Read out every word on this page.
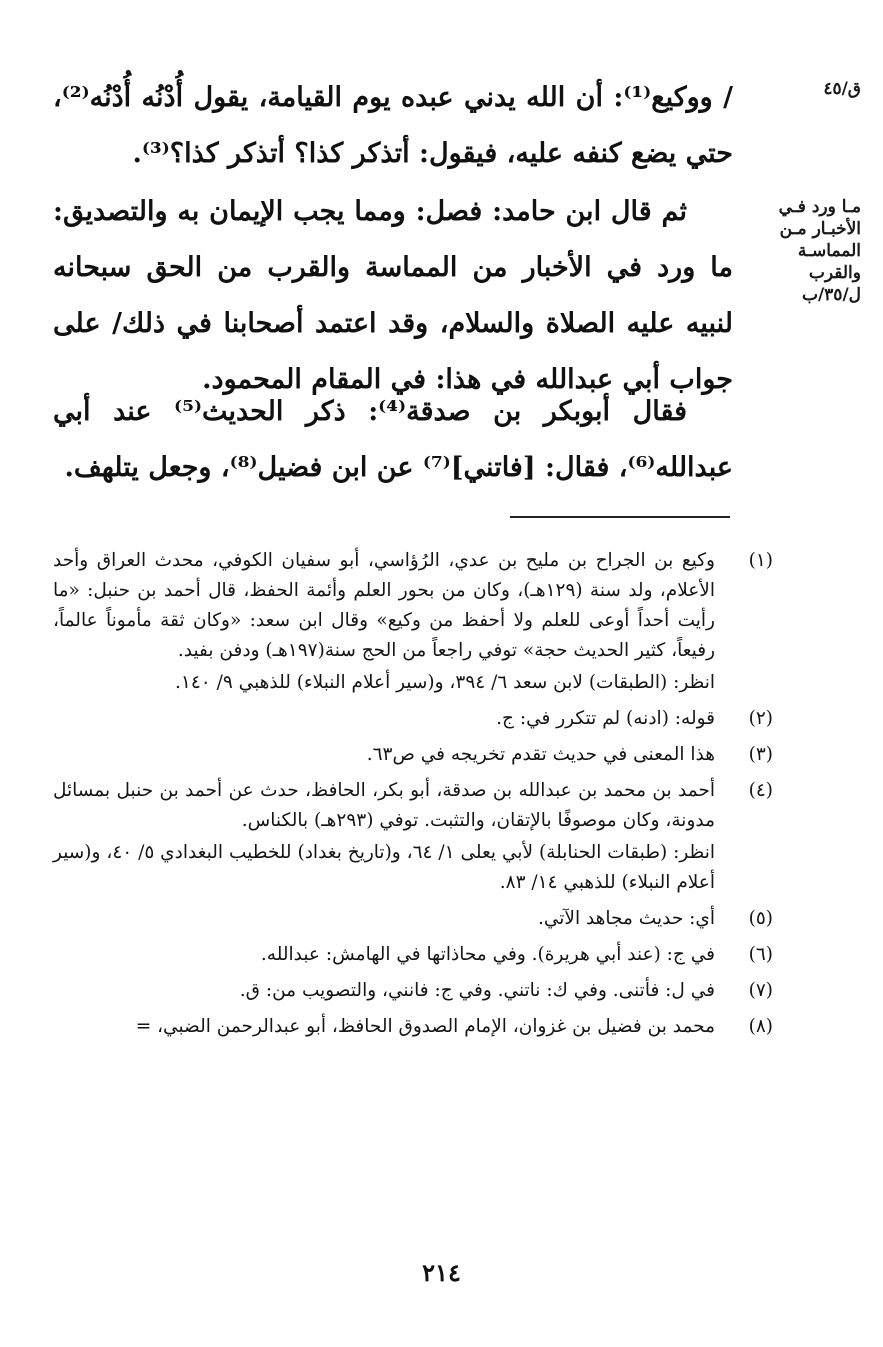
ق/٤٥
مـا ورد فـي
الأخبـار مـن
المماسـة
والقرب
ل/٣٥/ب
/ ووكيع⁽¹⁾: أن الله يدني عبده يوم القيامة، يقول أُدْنُه أُدْنُه⁽²⁾، حتي يضع كنفه عليه، فيقول: أتذكر كذا؟ أتذكر كذا؟⁽³⁾.
ثم قال ابن حامد: فصل: ومما يجب الإيمان به والتصديق: ما ورد في الأخبار من المماسة والقرب من الحق سبحانه لنبيه عليه الصلاة والسلام، وقد اعتمد أصحابنا في ذلك/ على جواب أبي عبدالله في هذا: في المقام المحمود.
فقال أبوبكر بن صدقة⁽⁴⁾: ذكر الحديث⁽⁵⁾ عند أبي عبدالله⁽⁶⁾، فقال: [فاتني]⁽⁷⁾ عن ابن فضيل⁽⁸⁾، وجعل يتلهف.
(١)
وكيع بن الجراح بن مليح بن عدي، الرُؤاسي، أبو سفيان الكوفي، محدث العراق وأحد الأعلام، ولد سنة (١٢٩هـ)، وكان من بحور العلم وأئمة الحفظ، قال أحمد بن حنبل: «ما رأيت أحداً أوعى للعلم ولا أحفظ من وكيع» وقال ابن سعد: «وكان ثقة مأموناً عالماً، رفيعاً، كثير الحديث حجة» توفي راجعاً من الحج سنة(١٩٧هـ) ودفن بفيد.
انظر: (الطبقات) لابن سعد ٦/ ٣٩٤، و(سير أعلام النبلاء) للذهبي ٩/ ١٤٠.
(٢)
قوله: (ادنه) لم تتكرر في: ج.
(٣)
هذا المعنى في حديث تقدم تخريجه في ص٦٣.
(٤)
أحمد بن محمد بن عبدالله بن صدقة، أبو بكر، الحافظ، حدث عن أحمد بن حنبل بمسائل مدونة، وكان موصوفًا بالإتقان، والتثبت. توفي (٢٩٣هـ) بالكناس.
انظر: (طبقات الحنابلة) لأبي يعلى ١/ ٦٤، و(تاريخ بغداد) للخطيب البغدادي ٥/ ٤٠، و(سير أعلام النبلاء) للذهبي ١٤/ ٨٣.
(٥)
أي: حديث مجاهد الآتي.
(٦)
في ج: (عند أبي هريرة). وفي محاذاتها في الهامش: عبدالله.
(٧)
في ل: فأتنى. وفي ك: ناتني. وفي ج: فانني، والتصويب من: ق.
(٨)
محمد بن فضيل بن غزوان، الإمام الصدوق الحافظ، أبو عبدالرحمن الضبي، =
٢١٤
